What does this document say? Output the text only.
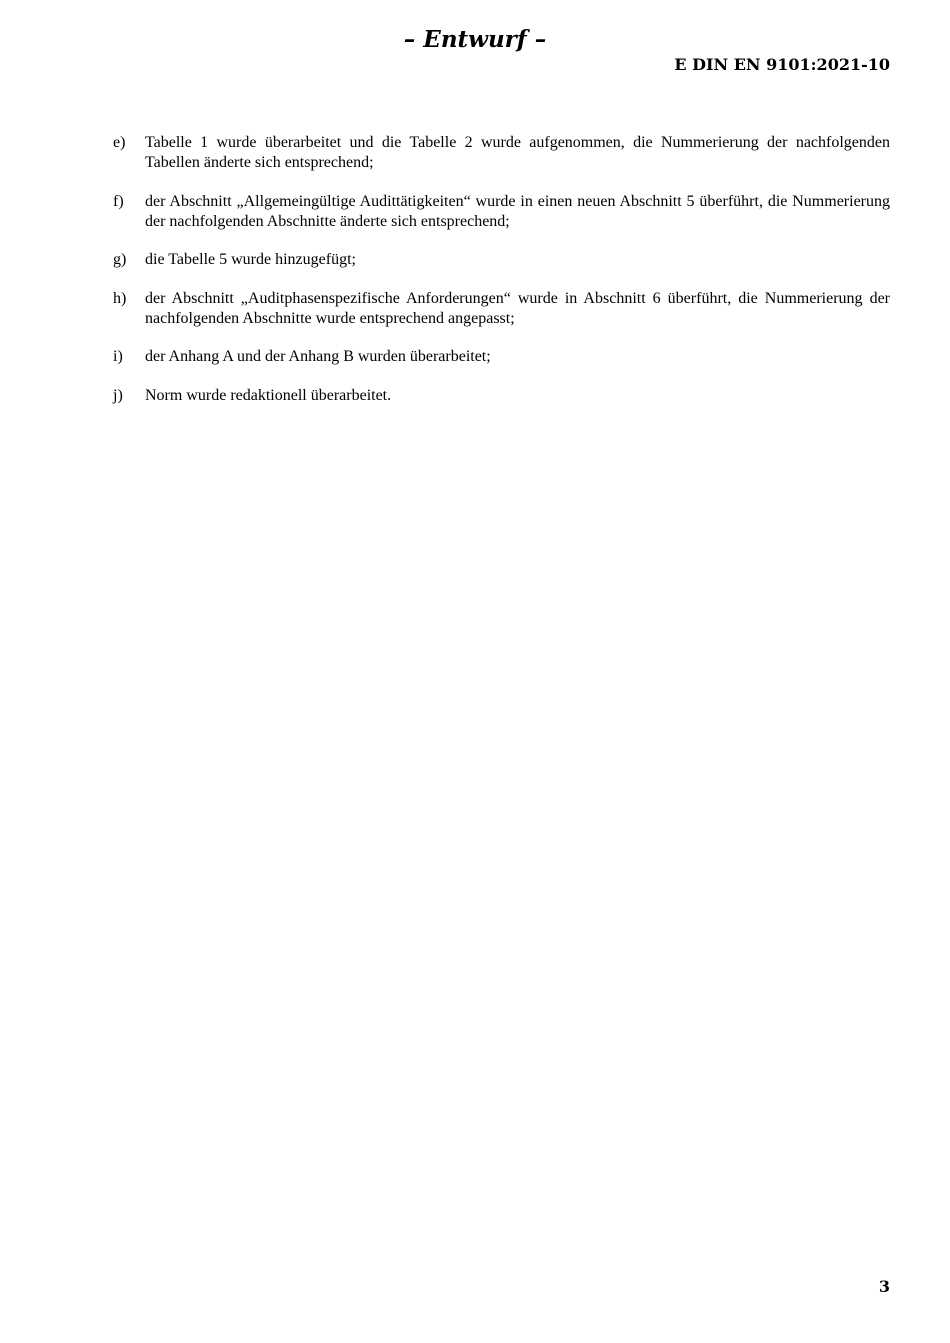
– Entwurf –
E DIN EN 9101:2021-10
e) Tabelle 1 wurde überarbeitet und die Tabelle 2 wurde aufgenommen, die Nummerierung der nachfolgenden Tabellen änderte sich entsprechend;
f) der Abschnitt „Allgemeingültige Audittätigkeiten“ wurde in einen neuen Abschnitt 5 überführt, die Nummerierung der nachfolgenden Abschnitte änderte sich entsprechend;
g) die Tabelle 5 wurde hinzugefügt;
h) der Abschnitt „Auditphasenspezifische Anforderungen“ wurde in Abschnitt 6 überführt, die Nummerierung der nachfolgenden Abschnitte wurde entsprechend angepasst;
i) der Anhang A und der Anhang B wurden überarbeitet;
j) Norm wurde redaktionell überarbeitet.
3
